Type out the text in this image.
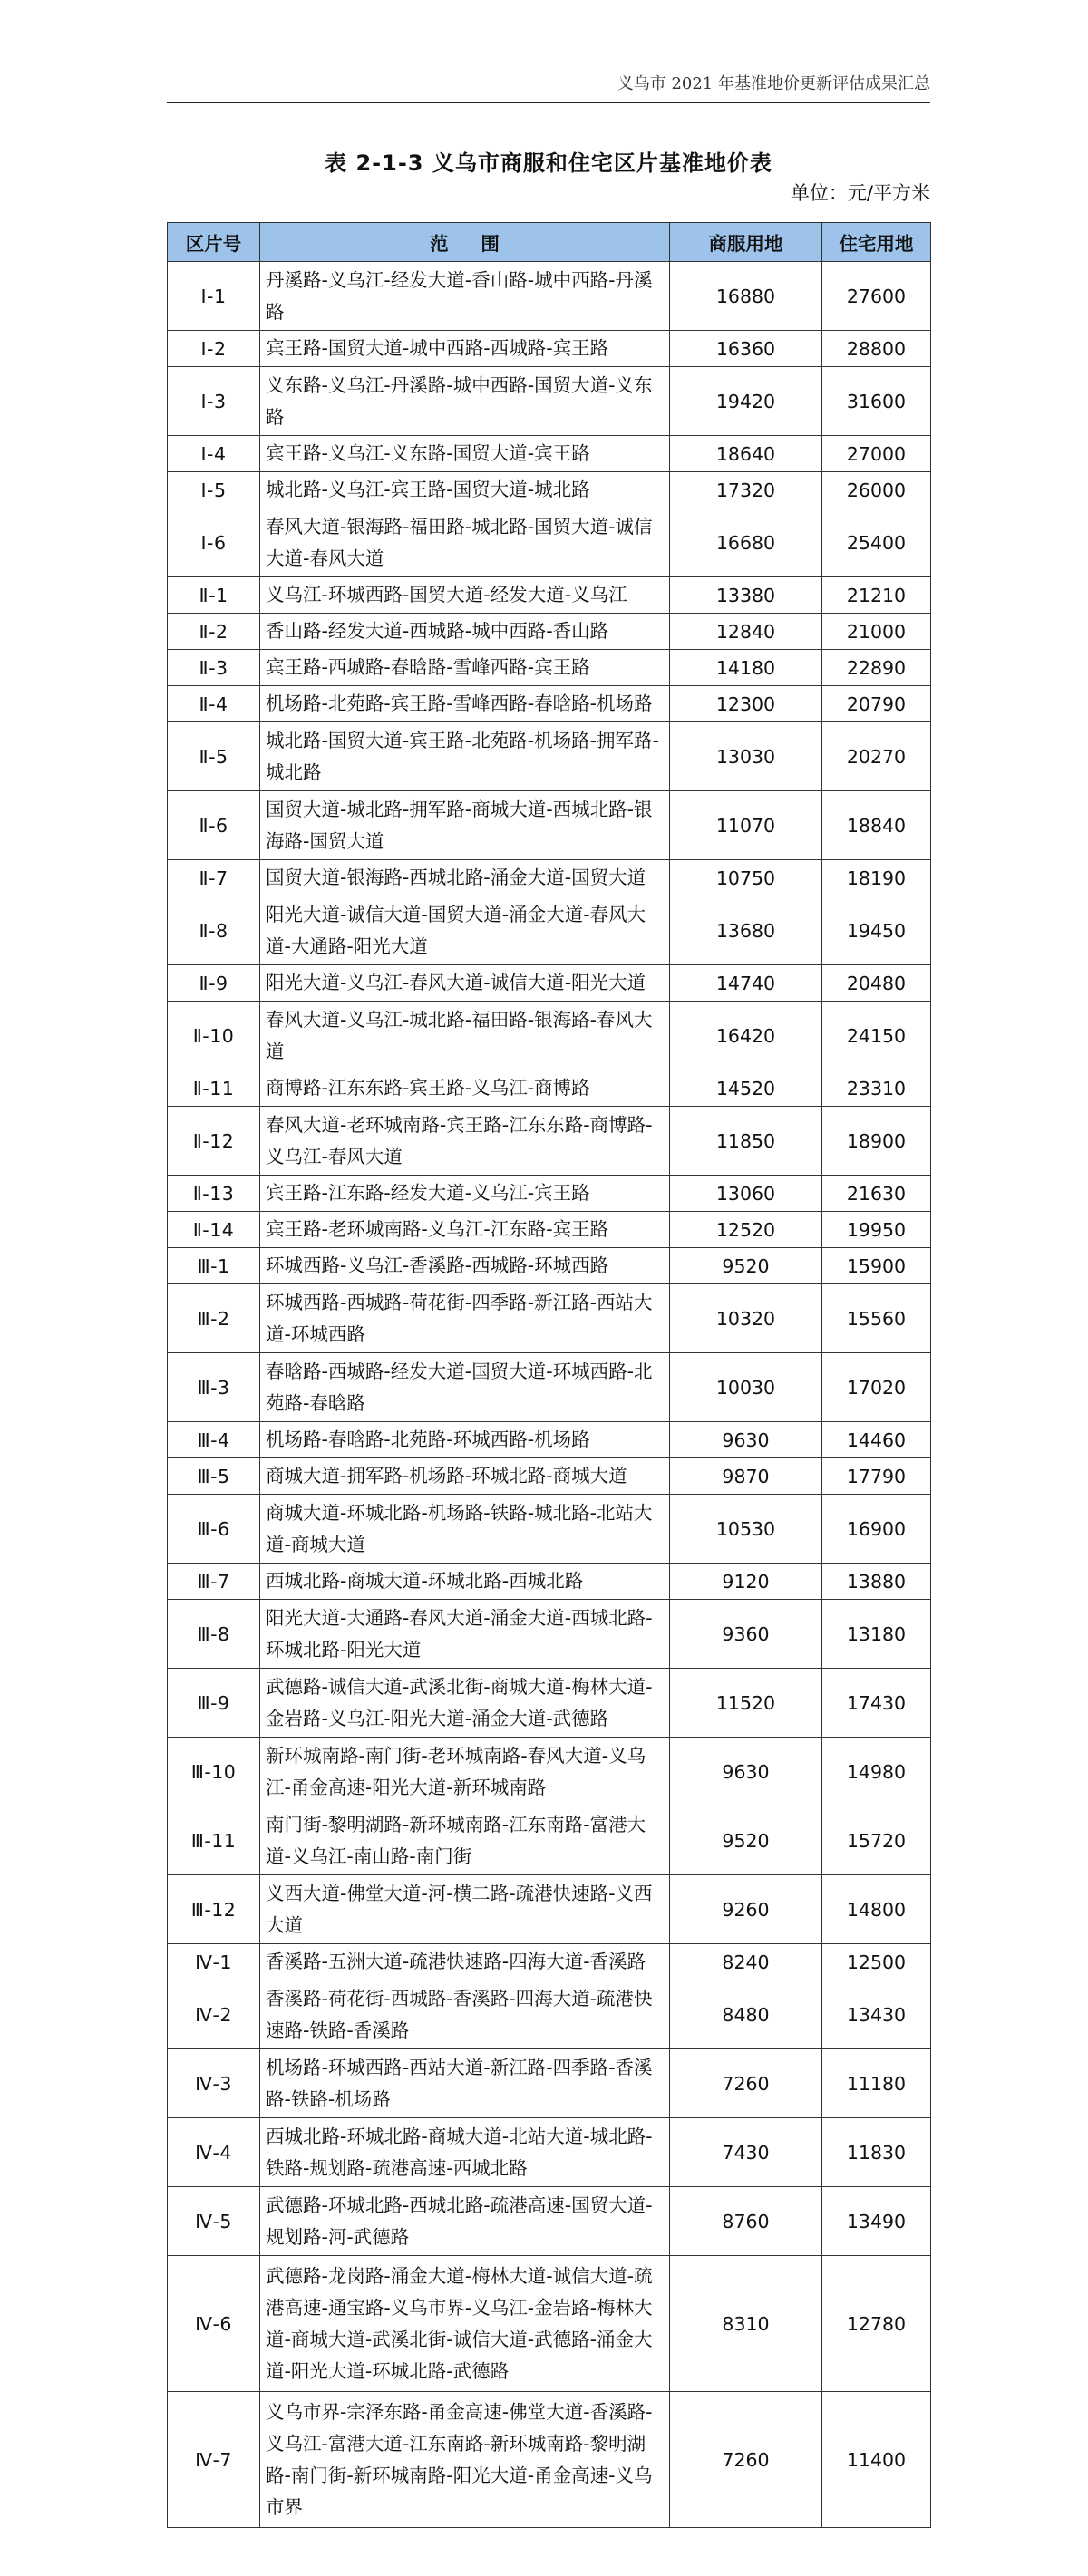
义乌市 2021 年基准地价更新评估成果汇总
表 2-1-3 义乌市商服和住宅区片基准地价表
单位：元/平方米
区片号	范     围	商服用地	住宅用地
Ⅰ-1	丹溪路-义乌江-经发大道-香山路-城中西路-丹溪路	16880	27600
Ⅰ-2	宾王路-国贸大道-城中西路-西城路-宾王路	16360	28800
Ⅰ-3	义东路-义乌江-丹溪路-城中西路-国贸大道-义东路	19420	31600
Ⅰ-4	宾王路-义乌江-义东路-国贸大道-宾王路	18640	27000
Ⅰ-5	城北路-义乌江-宾王路-国贸大道-城北路	17320	26000
Ⅰ-6	春风大道-银海路-福田路-城北路-国贸大道-诚信大道-春风大道	16680	25400
Ⅱ-1	义乌江-环城西路-国贸大道-经发大道-义乌江	13380	21210
Ⅱ-2	香山路-经发大道-西城路-城中西路-香山路	12840	21000
Ⅱ-3	宾王路-西城路-春晗路-雪峰西路-宾王路	14180	22890
Ⅱ-4	机场路-北苑路-宾王路-雪峰西路-春晗路-机场路	12300	20790
Ⅱ-5	城北路-国贸大道-宾王路-北苑路-机场路-拥军路-城北路	13030	20270
Ⅱ-6	国贸大道-城北路-拥军路-商城大道-西城北路-银海路-国贸大道	11070	18840
Ⅱ-7	国贸大道-银海路-西城北路-涌金大道-国贸大道	10750	18190
Ⅱ-8	阳光大道-诚信大道-国贸大道-涌金大道-春风大道-大通路-阳光大道	13680	19450
Ⅱ-9	阳光大道-义乌江-春风大道-诚信大道-阳光大道	14740	20480
Ⅱ-10	春风大道-义乌江-城北路-福田路-银海路-春风大道	16420	24150
Ⅱ-11	商博路-江东东路-宾王路-义乌江-商博路	14520	23310
Ⅱ-12	春风大道-老环城南路-宾王路-江东东路-商博路-义乌江-春风大道	11850	18900
Ⅱ-13	宾王路-江东路-经发大道-义乌江-宾王路	13060	21630
Ⅱ-14	宾王路-老环城南路-义乌江-江东路-宾王路	12520	19950
Ⅲ-1	环城西路-义乌江-香溪路-西城路-环城西路	9520	15900
Ⅲ-2	环城西路-西城路-荷花街-四季路-新江路-西站大道-环城西路	10320	15560
Ⅲ-3	春晗路-西城路-经发大道-国贸大道-环城西路-北苑路-春晗路	10030	17020
Ⅲ-4	机场路-春晗路-北苑路-环城西路-机场路	9630	14460
Ⅲ-5	商城大道-拥军路-机场路-环城北路-商城大道	9870	17790
Ⅲ-6	商城大道-环城北路-机场路-铁路-城北路-北站大道-商城大道	10530	16900
Ⅲ-7	西城北路-商城大道-环城北路-西城北路	9120	13880
Ⅲ-8	阳光大道-大通路-春风大道-涌金大道-西城北路-环城北路-阳光大道	9360	13180
Ⅲ-9	武德路-诚信大道-武溪北街-商城大道-梅林大道-金岩路-义乌江-阳光大道-涌金大道-武德路	11520	17430
Ⅲ-10	新环城南路-南门街-老环城南路-春风大道-义乌江-甬金高速-阳光大道-新环城南路	9630	14980
Ⅲ-11	南门街-黎明湖路-新环城南路-江东南路-富港大道-义乌江-南山路-南门街	9520	15720
Ⅲ-12	义西大道-佛堂大道-河-横二路-疏港快速路-义西大道	9260	14800
Ⅳ-1	香溪路-五洲大道-疏港快速路-四海大道-香溪路	8240	12500
Ⅳ-2	香溪路-荷花街-西城路-香溪路-四海大道-疏港快速路-铁路-香溪路	8480	13430
Ⅳ-3	机场路-环城西路-西站大道-新江路-四季路-香溪路-铁路-机场路	7260	11180
Ⅳ-4	西城北路-环城北路-商城大道-北站大道-城北路-铁路-规划路-疏港高速-西城北路	7430	11830
Ⅳ-5	武德路-环城北路-西城北路-疏港高速-国贸大道-规划路-河-武德路	8760	13490
Ⅳ-6	武德路-龙岗路-涌金大道-梅林大道-诚信大道-疏港高速-通宝路-义乌市界-义乌江-金岩路-梅林大道-商城大道-武溪北街-诚信大道-武德路-涌金大道-阳光大道-环城北路-武德路	8310	12780
Ⅳ-7	义乌市界-宗泽东路-甬金高速-佛堂大道-香溪路-义乌江-富港大道-江东南路-新环城南路-黎明湖路-南门街-新环城南路-阳光大道-甬金高速-义乌市界	7260	11400
